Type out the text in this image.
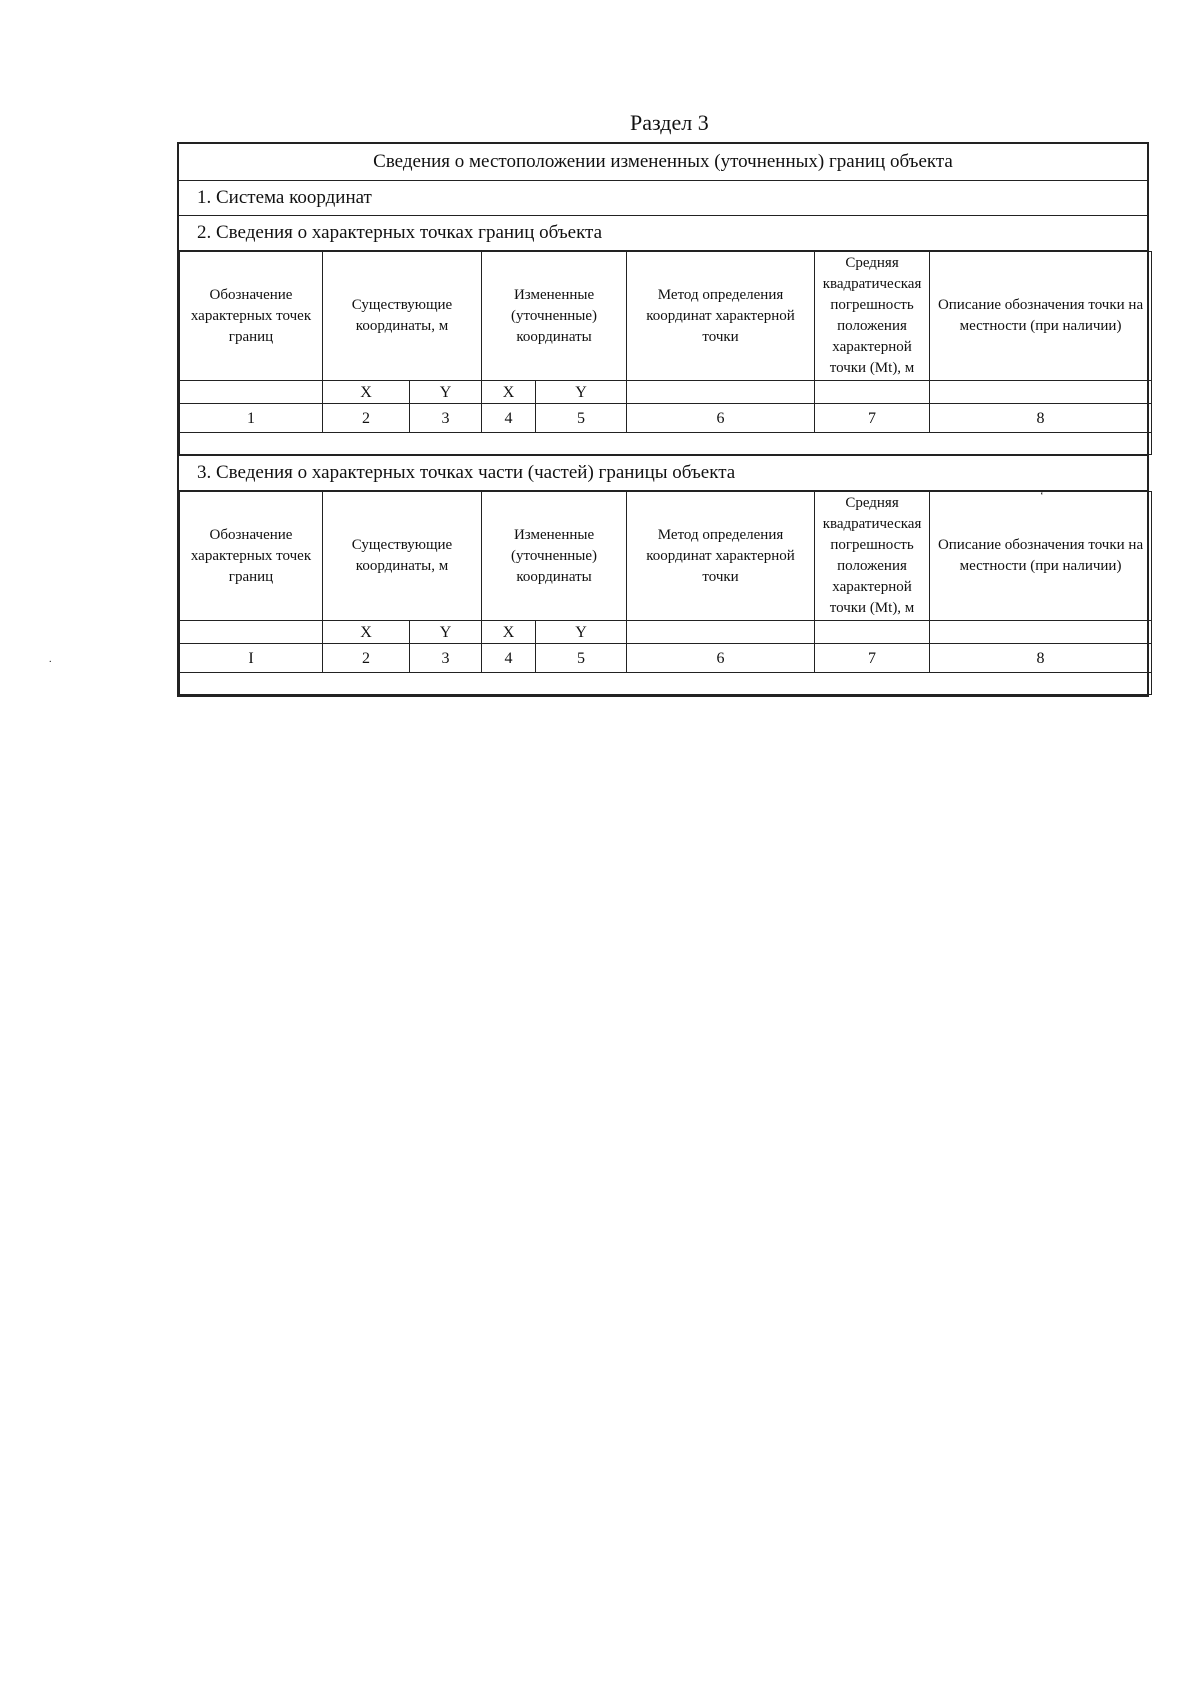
Раздел 3
Сведения о местоположении измененных (уточненных) границ объекта
1. Система координат
2. Сведения о характерных точках границ объекта
Обозначение характерных точек границ	Существующие координаты, м		Измененные (уточненные) координаты		Метод определения координат характерной точки	Средняя квадратическая погрешность положения характерной точки (Mt), м	Описание обозначения точки на местности (при наличии)
	X	Y	X	Y			
1	2	3	4	5	6	7	8

3. Сведения о характерных точках части (частей) границы объекта
Обозначение характерных точек границ	Существующие координаты, м		Измененные (уточненные) координаты		Метод определения координат характерной точки	Средняя квадратическая погрешность положения характерной точки (Mt), м	Описание обозначения точки на местности (при наличии)
	X	Y	X	Y			
I	2	3	4	5	6	7	8

‘
.
